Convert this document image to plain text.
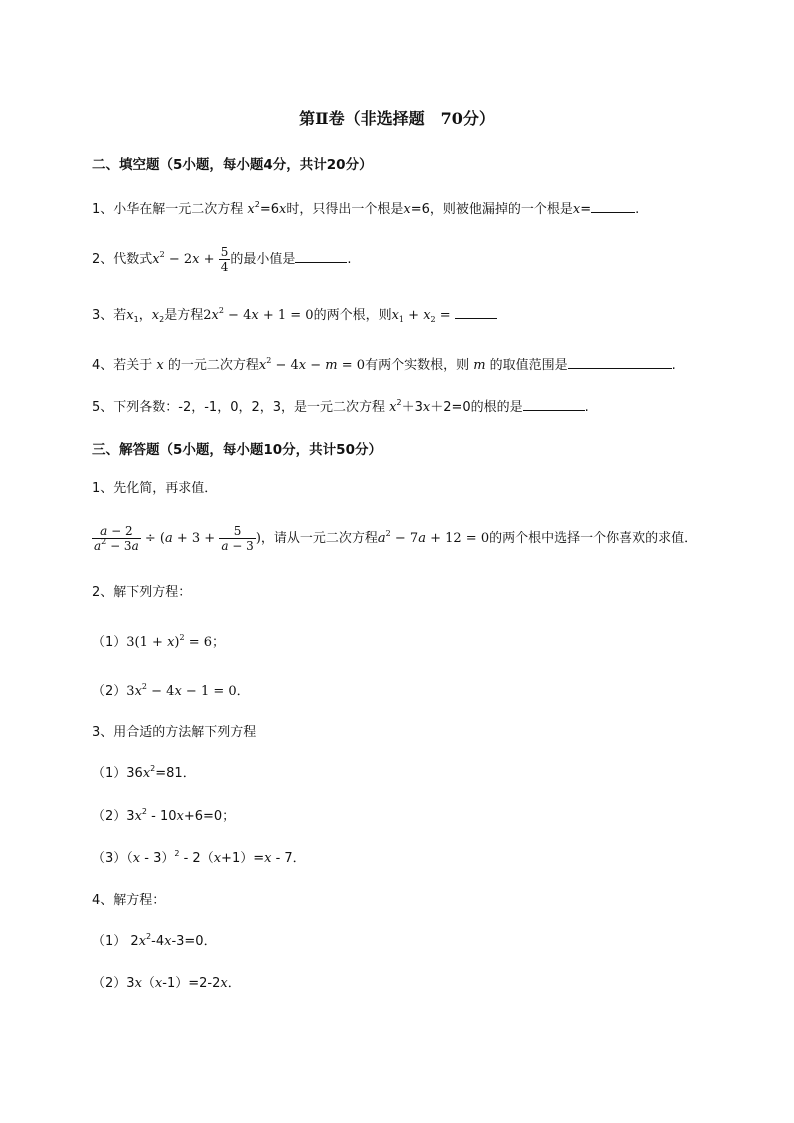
第Ⅱ卷（非选择题　70分）
二、填空题（5小题，每小题4分，共计20分）
1、小华在解一元二次方程 $x^2=6x$时，只得出一个根是x=6，则被他漏掉的一个根是x=	.
2、代数式$x^2 - 2x + \frac{5}{4}$ 的最小值是	.
3、若$x_1$，$x_2$是方程$2x^2 - 4x + 1 = 0$的两个根，则$x_1 + x_2$ =
4、若关于 x 的一元二次方程$x^2 - 4x - m = 0$有两个实数根，则 m 的取值范围是	.
5、下列各数：-2，-1，0，2，3，是一元二次方程 $x^2+3x+2=0$的根的是	.
三、解答题（5小题，每小题10分，共计50分）
1、先化简，再求值．
$\frac{a - 2}{a^2 - 3a} \div (a + 3 + \frac{5}{a - 3}$ )，请从一元二次方程$a^2 - 7a + 12 = 0$的两个根中选择一个你喜欢的求值．
2、解下列方程：
$(1)3(1 + x)^2 = 6$；
$(2)3x^2 - 4x - 1 = 0$．
3、用合适的方法解下列方程
$(1)36x^2=81$．
$(2)3x^2 - 10x+6=0$；
（3）（x - 3）$^2$ - 2（x+1）=x - 7．
4、解方程：
（1） $2x^2-4x-3=0$．
（2）3x（x-1）=2-2x．
